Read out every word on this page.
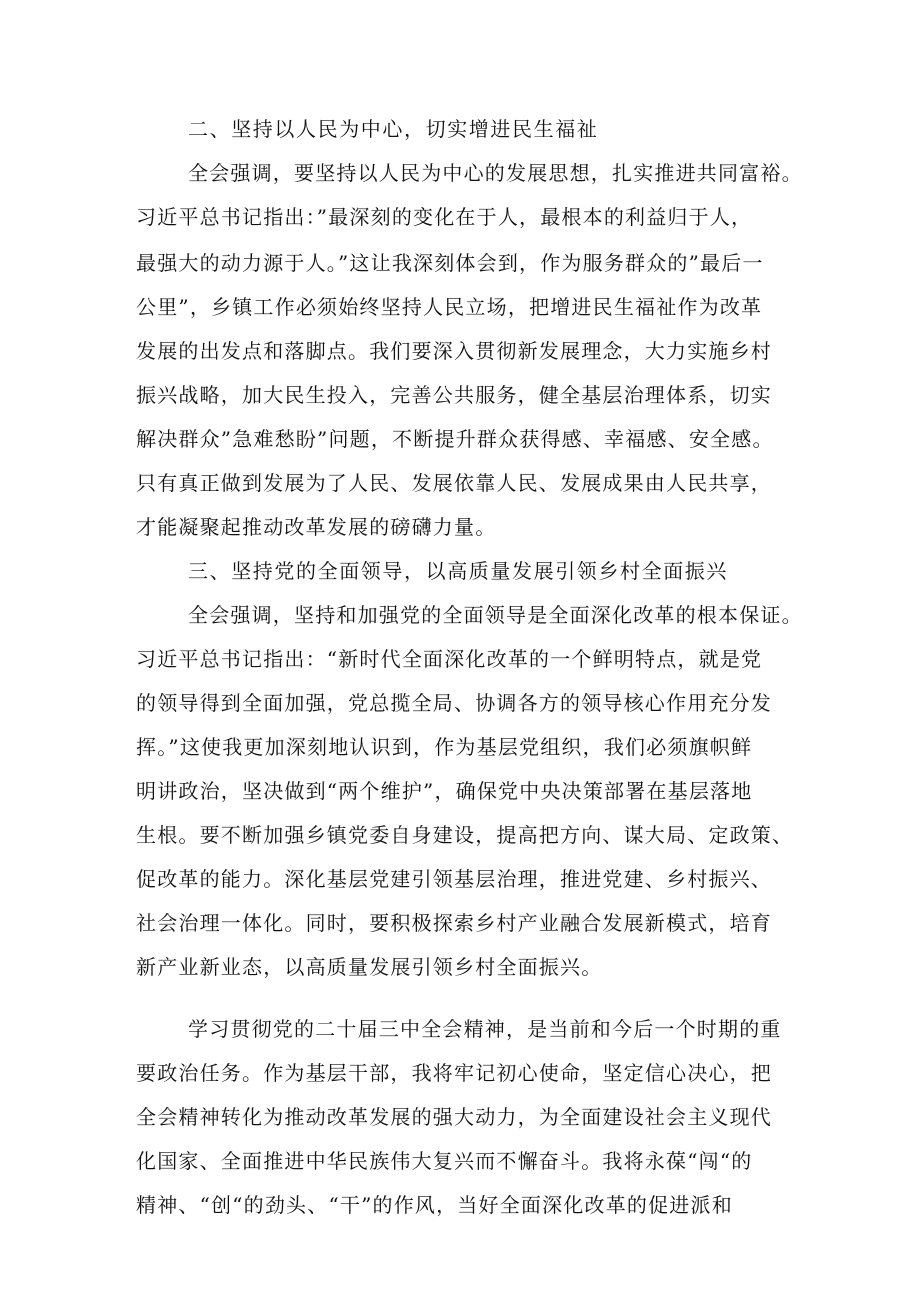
二、坚持以人民为中心，切实增进民生福祉
全会强调，要坚持以人民为中心的发展思想，扎实推进共同富裕。
习近平总书记指出：”最深刻的变化在于人，最根本的利益归于人，
最强大的动力源于人。”这让我深刻体会到，作为服务群众的”最后一
公里”，乡镇工作必须始终坚持人民立场，把增进民生福祉作为改革
发展的出发点和落脚点。我们要深入贯彻新发展理念，大力实施乡村
振兴战略，加大民生投入，完善公共服务，健全基层治理体系，切实
解决群众”急难愁盼”问题，不断提升群众获得感、幸福感、安全感。
只有真正做到发展为了人民、发展依靠人民、发展成果由人民共享，
才能凝聚起推动改革发展的磅礴力量。
三、坚持党的全面领导，以高质量发展引领乡村全面振兴
全会强调，坚持和加强党的全面领导是全面深化改革的根本保证。
习近平总书记指出：“新时代全面深化改革的一个鲜明特点，就是党
的领导得到全面加强，党总揽全局、协调各方的领导核心作用充分发
挥。”这使我更加深刻地认识到，作为基层党组织，我们必须旗帜鲜
明讲政治，坚决做到“两个维护”，确保党中央决策部署在基层落地
生根。要不断加强乡镇党委自身建设，提高把方向、谋大局、定政策、
促改革的能力。深化基层党建引领基层治理，推进党建、乡村振兴、
社会治理一体化。同时，要积极探索乡村产业融合发展新模式，培育
新产业新业态，以高质量发展引领乡村全面振兴。
学习贯彻党的二十届三中全会精神，是当前和今后一个时期的重
要政治任务。作为基层干部，我将牢记初心使命，坚定信心决心，把
全会精神转化为推动改革发展的强大动力，为全面建设社会主义现代
化国家、全面推进中华民族伟大复兴而不懈奋斗。我将永葆“闯“的
精神、“创“的劲头、“干”的作风，当好全面深化改革的促进派和
